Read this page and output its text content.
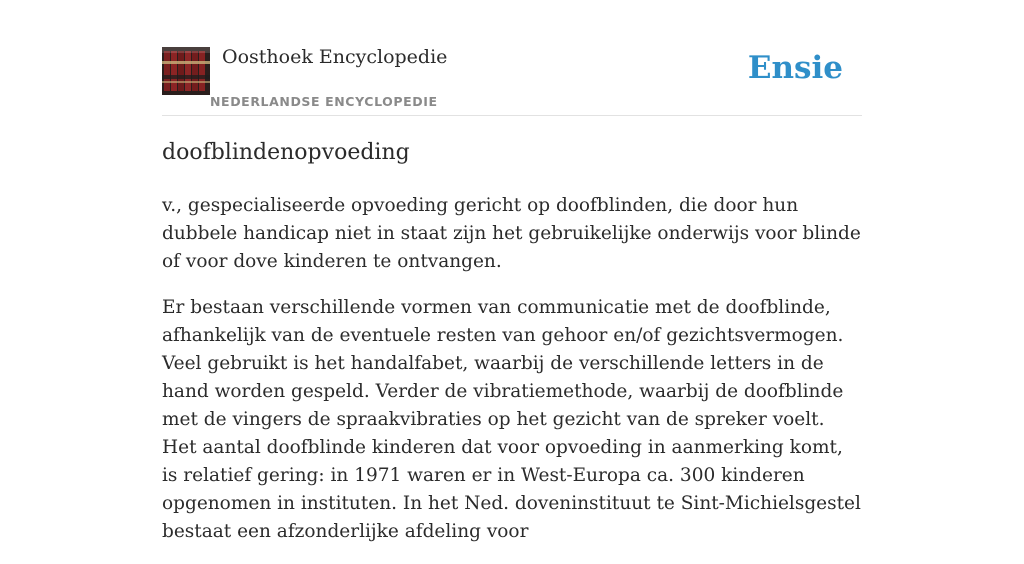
Oosthoek Encyclopedie
NEDERLANDSE ENCYCLOPEDIE
Ensie
doofblindenopvoeding

v., gespecialiseerde opvoeding gericht op doofblinden, die door hun dubbele handicap niet in staat zijn het gebruikelijke onderwijs voor blinde of voor dove kinderen te ontvangen.

Er bestaan verschillende vormen van communicatie met de doofblinde, afhankelijk van de eventuele resten van gehoor en/of gezichtsvermogen. Veel gebruikt is het handalfabet, waarbij de verschillende letters in de hand worden gespeld. Verder de vibratiemethode, waarbij de doofblinde met de vingers de spraakvibraties op het gezicht van de spreker voelt. Het aantal doofblinde kinderen dat voor opvoeding in aanmerking komt, is relatief gering: in 1971 waren er in West-Europa ca. 300 kinderen opgenomen in instituten. In het Ned. doveninstituut te Sint-Michielsgestel bestaat een afzonderlijke afdeling voor
